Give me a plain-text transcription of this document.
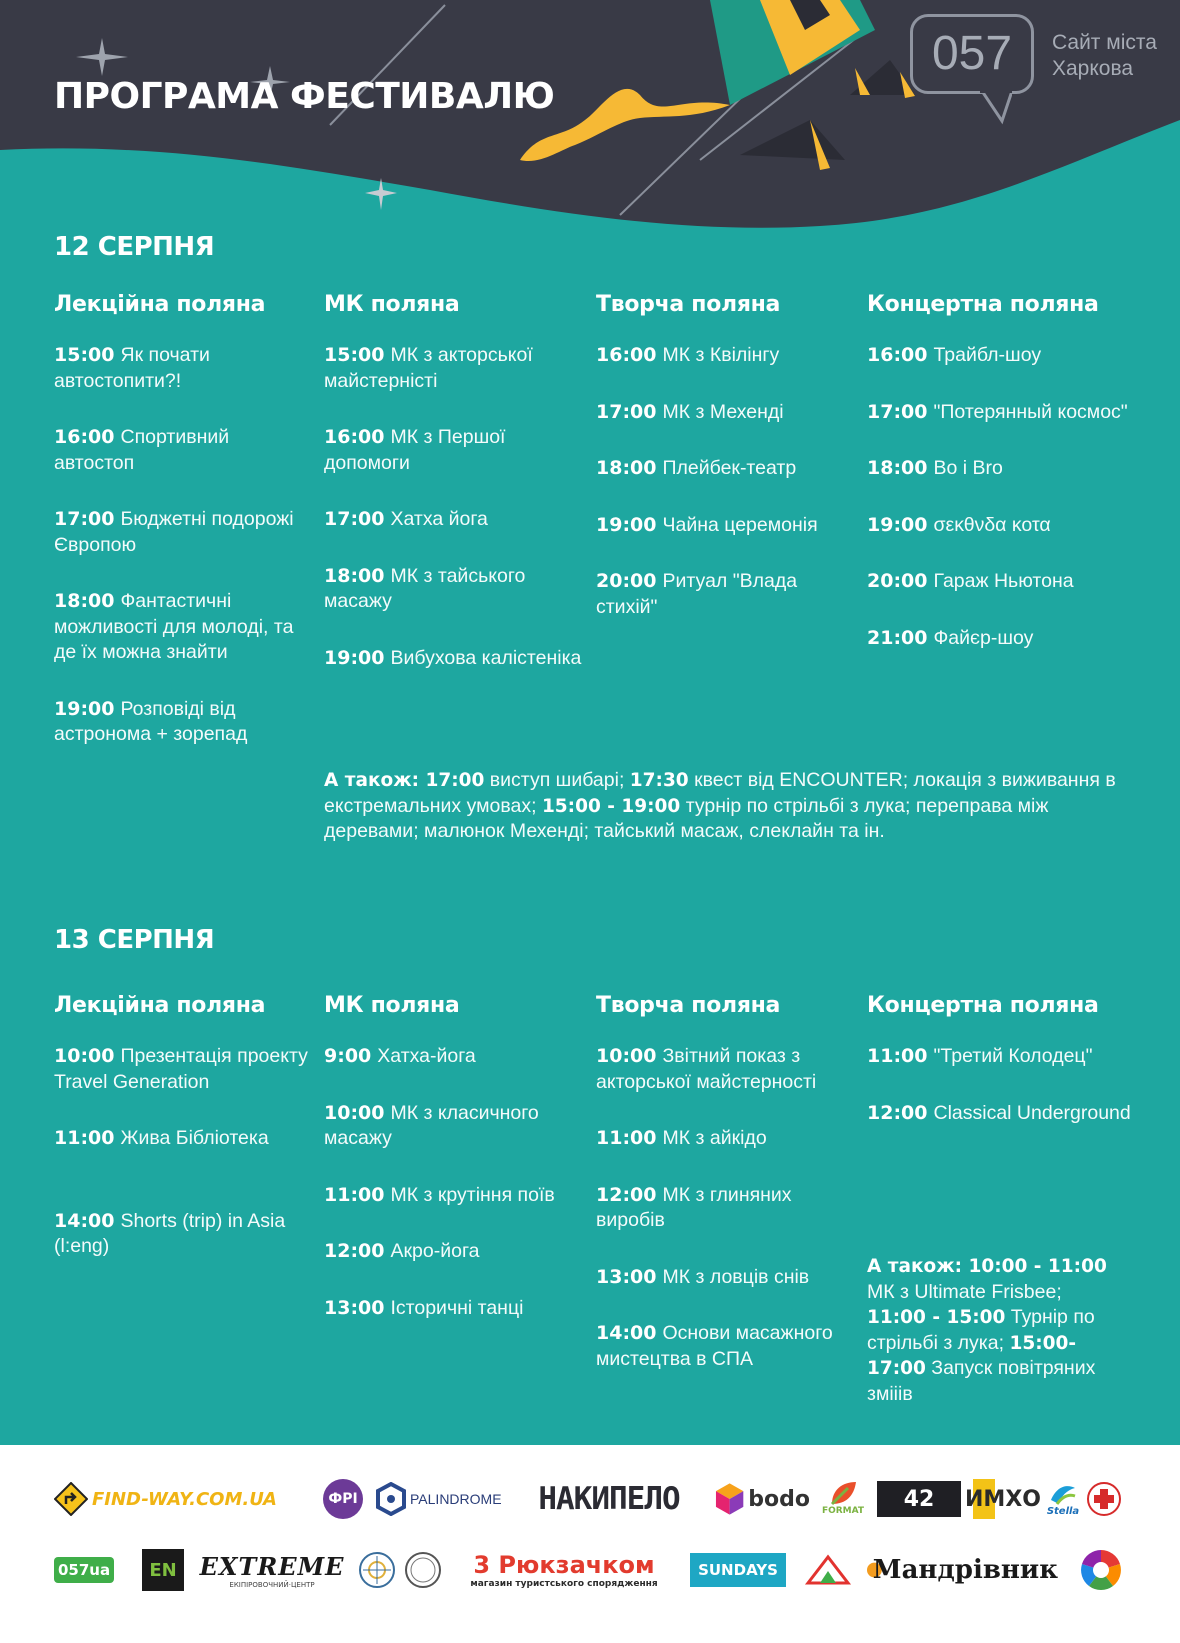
ПРОГРАМА ФЕСТИВАЛЮ
057	Сайт міста
Харкова
12 СЕРПНЯ
Лекційна поляна
15:00 Як почати автостопити?!
16:00 Спортивний автостоп
17:00 Бюджетні подорожі Європою
18:00 Фантастичні можливості для молоді, та де їх можна знайти
19:00 Розповіді від астронома + зорепад
МК поляна
15:00 МК з акторської майстерністі
16:00 МК з Першої допомоги
17:00 Хатха йога
18:00 МК з тайського масажу
19:00 Вибухова калістеніка
Творча поляна
16:00 МК з Квілінгу
17:00 МК з Мехенді
18:00 Плейбек-театр
19:00 Чайна церемонія
20:00 Ритуал "Влада стихій"
Концертна поляна
16:00 Трайбл-шоу
17:00 "Потерянный космос"
18:00 Bo i Bro
19:00 σεκθνδα κοτα
20:00 Гараж Ньютона
21:00 Файєр-шоу
А також: 17:00 виступ шибарі; 17:30 квест від ENCOUNTER; локація з виживання в екстремальних умовах; 15:00 - 19:00 турнір по стрільбі з лука; переправа між деревами; малюнок Мехенді; тайський масаж, слеклайн та ін.
13 СЕРПНЯ
Лекційна поляна
10:00 Презентація проекту Travel Generation
11:00 Жива Бібліотека
14:00 Shorts (trip) in Asia (l:eng)
МК поляна
9:00 Хатха-йога
10:00 МК з класичного масажу
11:00 МК з крутіння поїв
12:00 Акро-йога
13:00 Історичні танці
Творча поляна
10:00 Звітний показ з акторської майстерності
11:00 МК з айкідо
12:00 МК з глиняних виробів
13:00 МК з ловців снів
14:00 Основи масажного мистецтва в СПА
Концертна поляна
11:00 "Третий Колодец"
12:00 Classical Underground
А також: 10:00 - 11:00 МК з Ultimate Frisbee; 11:00 - 15:00 Турнір по стрільбі з лука; 15:00-17:00 Запуск повітряних змііів
FIND-WAY.COM.UA	ФРІ	PALINDROME	НАКИПЕЛО	bodo FORMAT	42	ИМХО Stella
057ua	EN EXTREME
ЕКІПІРОВОЧНИЙ·ЦЕНТР
3 Рюкзачком
магазин туристського спорядження
SUNDAYS	Мандрівник
